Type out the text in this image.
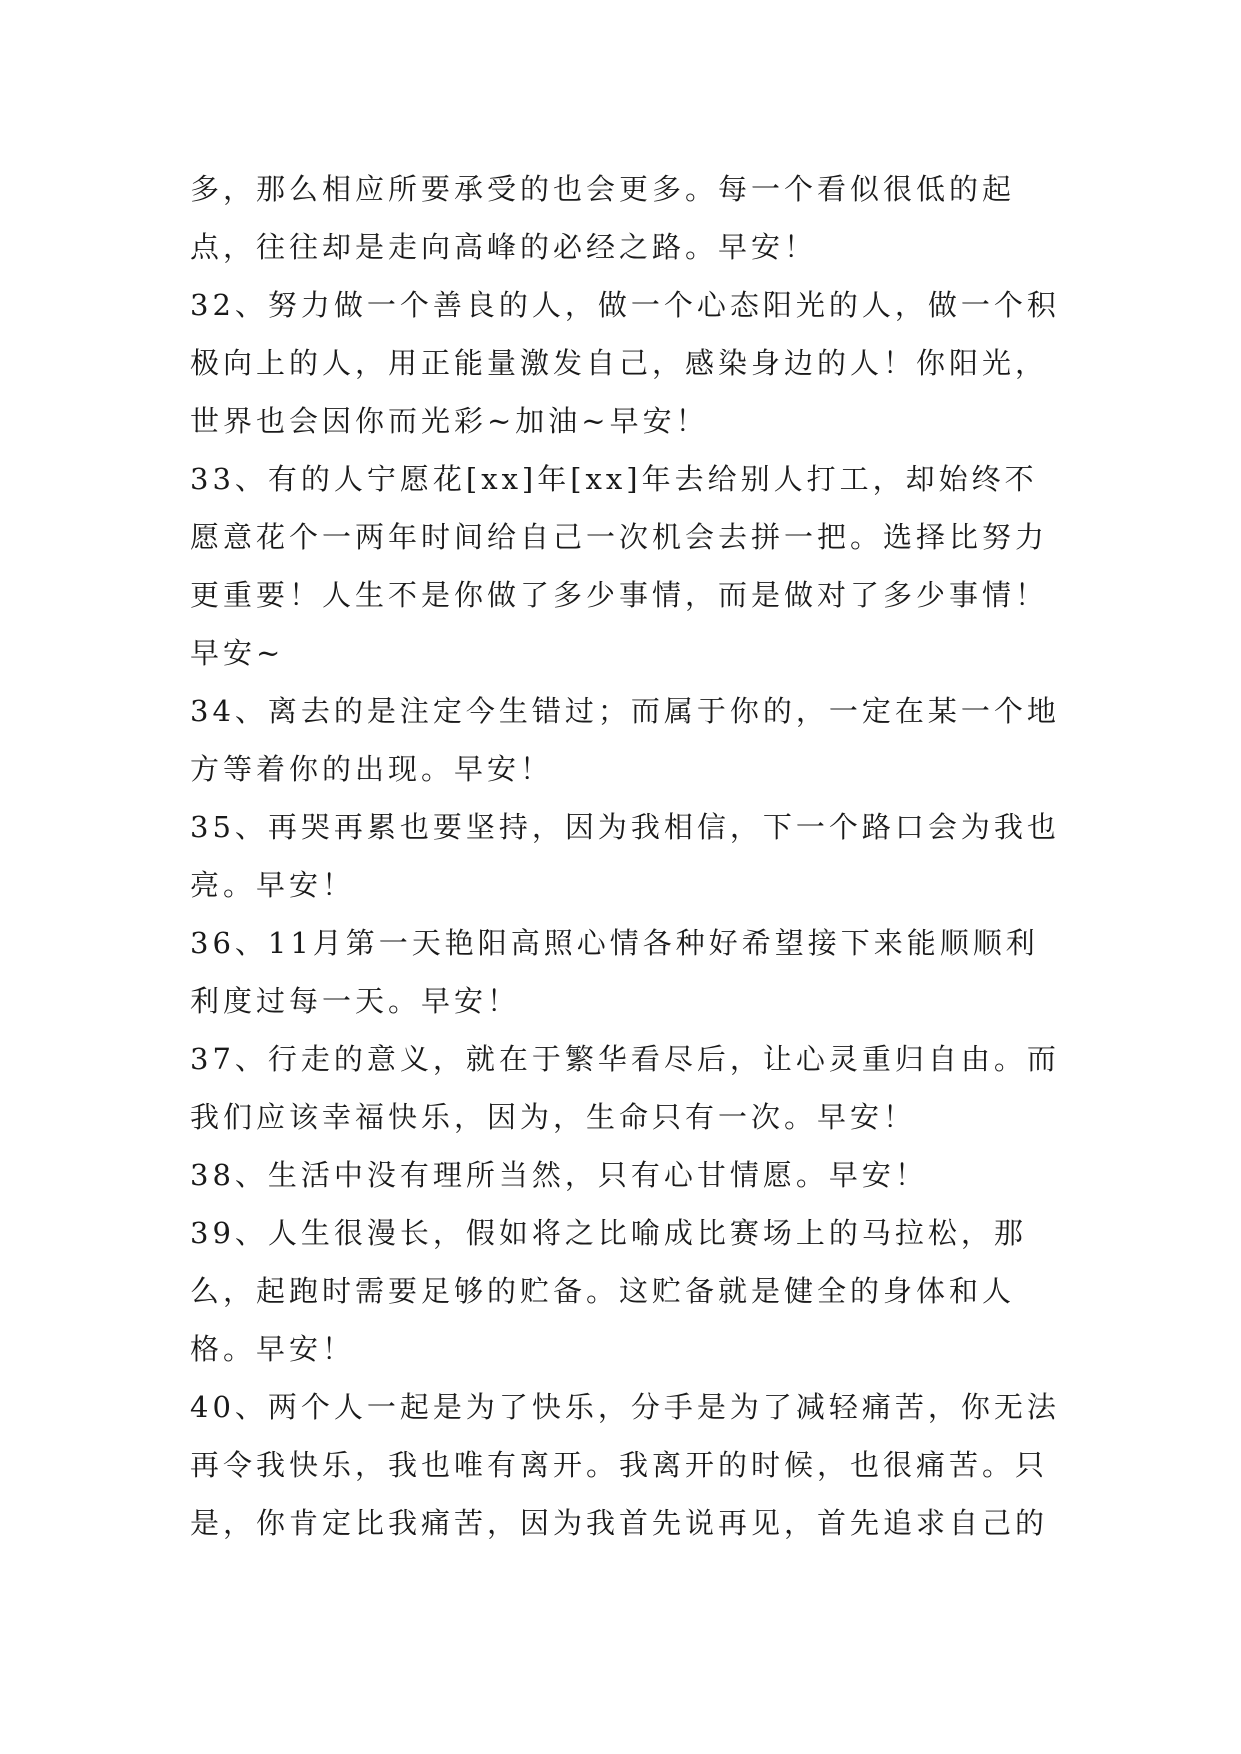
多，那么相应所要承受的也会更多。每一个看似很低的起点，往往却是走向高峰的必经之路。早安！

32、努力做一个善良的人，做一个心态阳光的人，做一个积极向上的人，用正能量激发自己，感染身边的人！你阳光，世界也会因你而光彩~加油~早安！

33、有的人宁愿花[xx]年[xx]年去给别人打工，却始终不愿意花个一两年时间给自己一次机会去拼一把。选择比努力更重要！人生不是你做了多少事情，而是做对了多少事情！早安~

34、离去的是注定今生错过；而属于你的，一定在某一个地方等着你的出现。早安！

35、再哭再累也要坚持，因为我相信，下一个路口会为我也亮。早安！

36、11月第一天艳阳高照心情各种好希望接下来能顺顺利利度过每一天。早安！

37、行走的意义，就在于繁华看尽后，让心灵重归自由。而我们应该幸福快乐，因为，生命只有一次。早安！

38、生活中没有理所当然，只有心甘情愿。早安！

39、人生很漫长，假如将之比喻成比赛场上的马拉松，那么，起跑时需要足够的贮备。这贮备就是健全的身体和人格。早安！

40、两个人一起是为了快乐，分手是为了减轻痛苦，你无法再令我快乐，我也唯有离开。我离开的时候，也很痛苦。只是，你肯定比我痛苦，因为我首先说再见，首先追求自己的
